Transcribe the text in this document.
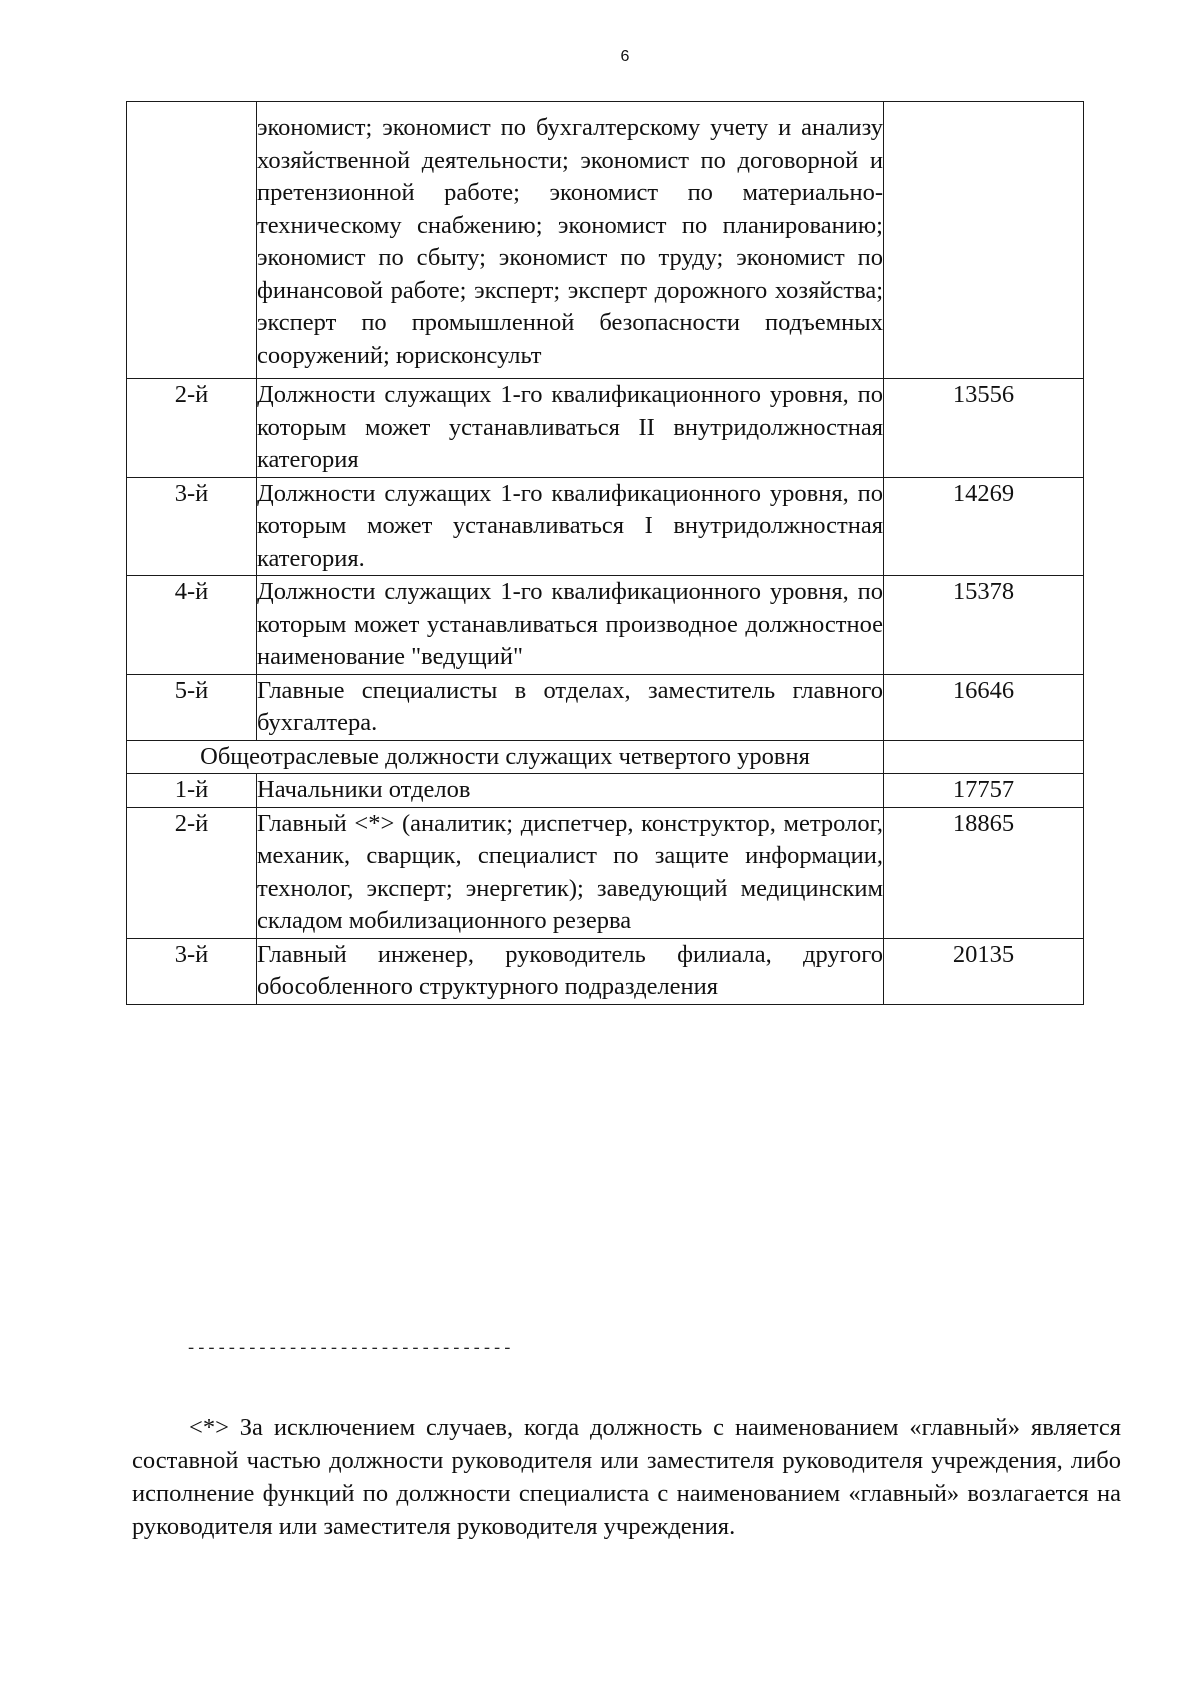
6
	экономист; экономист по бухгалтерскому учету и анализу хозяйственной деятельности; экономист по договорной и претензионной работе; экономист по материально-техническому снабжению; экономист по планированию; экономист по сбыту; экономист по труду; экономист по финансовой работе; эксперт; эксперт дорожного хозяйства; эксперт по промышленной безопасности подъемных сооружений; юрисконсульт	
2-й	Должности служащих 1-го квалификационного уровня, по которым может устанавливаться II внутридолжностная категория	13556
3-й	Должности служащих 1-го квалификационного уровня, по которым может устанавливаться I внутридолжностная категория.	14269
4-й	Должности служащих 1-го квалификационного уровня, по которым может устанавливаться производное должностное наименование "ведущий"	15378
5-й	Главные специалисты в отделах, заместитель главного бухгалтера.	16646
Общеотраслевые должности служащих четвертого уровня		
1-й	Начальники отделов	17757
2-й	Главный <*> (аналитик; диспетчер, конструктор, метролог, механик, сварщик, специалист по защите информации, технолог, эксперт; энергетик); заведующий медицинским складом мобилизационного резерва	18865
3-й	Главный инженер, руководитель филиала, другого обособленного структурного подразделения	20135
--------------------------------

<*> За исключением случаев, когда должность с наименованием «главный» является составной частью должности руководителя или заместителя руководителя учреждения, либо исполнение функций по должности специалиста с наименованием «главный» возлагается на руководителя или заместителя руководителя учреждения.
